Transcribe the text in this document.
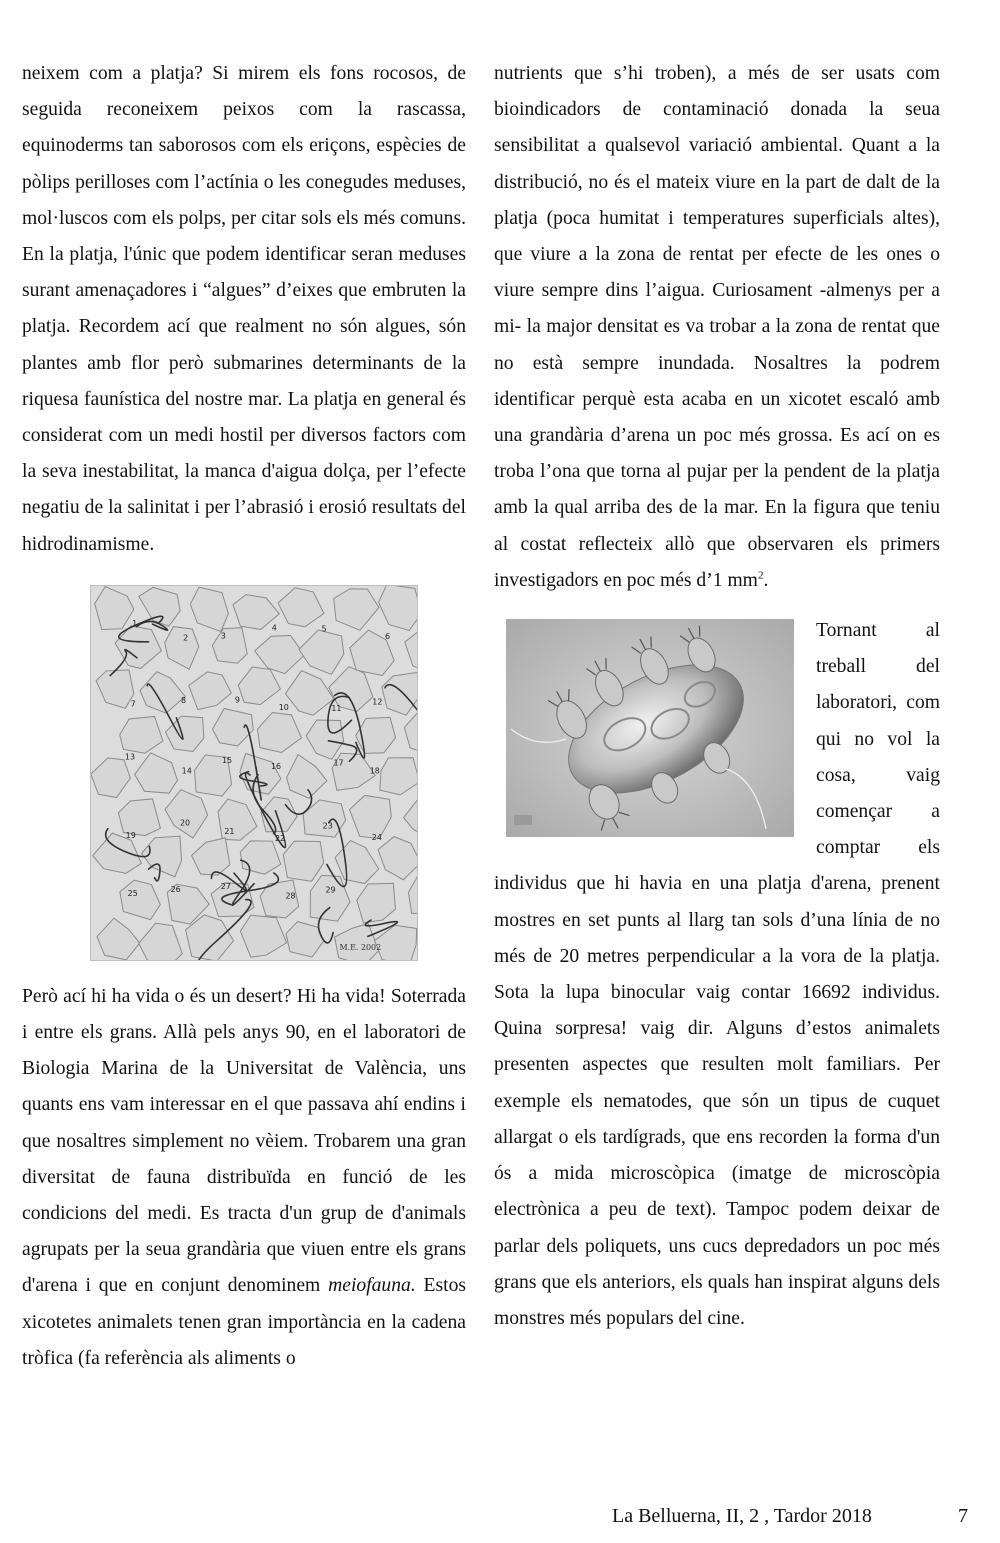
neixem com a platja? Si mirem els fons rocosos, de seguida reconeixem peixos com la rascassa, equinoderms tan saborosos com els eriçons, espècies de pòlips perilloses com l’actínia o les conegudes meduses, mol·luscos com els polps, per citar sols els més comuns. En la platja, l'únic que podem identificar seran meduses surant amenaçadores i “algues” d’eixes que embruten la platja. Recordem ací que realment no són algues, són plantes amb flor però submarines determinants de la riquesa faunística del nostre mar. La platja en general és considerat com un medi hostil per diversos factors com la seva inestabilitat, la manca d'aigua dolça, per l’efecte negatiu de la salinitat i per l’abrasió i erosió resultats del hidrodinamisme.

1
2	3
4	5
6
7	8	9
10	11
12
13
14
15
16	17
18
19
20
21
22
23
24
25	26	27
28
29
M.E. 2002

Però ací hi ha vida o és un desert? Hi ha vida! Soterrada i entre els grans. Allà pels anys 90, en el laboratori de Biologia Marina de la Universitat de València, uns quants ens vam interessar en el que passava ahí endins i que nosaltres simplement no vèiem. Trobarem una gran diversitat de fauna distribuïda en funció de les condicions del medi. Es tracta d'un grup de d'animals agrupats per la seua grandària que viuen entre els grans d'arena i que en conjunt denominem meiofauna. Estos xicotetes animalets tenen gran importància en la cadena tròfica (fa referència als aliments o

nutrients que s’hi troben), a més de ser usats com bioindicadors de contaminació donada la seua sensibilitat a qualsevol variació ambiental. Quant a la distribució, no és el mateix viure en la part de dalt de la platja (poca humitat i temperatures superficials altes), que viure a la zona de rentat per efecte de les ones o viure sempre dins l’aigua. Curiosament -almenys per a mi- la major densitat es va trobar a la zona de rentat que no està sempre inundada. Nosaltres la podrem identificar perquè esta acaba en un xicotet escaló amb una grandària d’arena un poc més grossa. Es ací on es troba l’ona que torna al pujar per la pendent de la platja amb la qual arriba des de la mar. En la figura que teniu al costat reflecteix allò que observaren els primers investigadors en poc més d’1 $mm^2$.

Tornant al treball del laboratori, com qui no vol la cosa, vaig començar a comptar els individus que hi havia en una platja d'arena, prenent mostres en set punts al llarg tan sols d’una línia de no més de 20 metres perpendicular a la vora de la platja. Sota la lupa binocular vaig contar 16692 individus. Quina sorpresa! vaig dir. Alguns d’estos animalets presenten aspectes que resulten molt familiars. Per exemple els nematodes, que són un tipus de cuquet allargat o els tardígrads, que ens recorden la forma d'un ós a mida microscòpica (imatge de microscòpia electrònica a peu de text). Tampoc podem deixar de parlar dels poliquets, uns cucs depredadors un poc més grans que els anteriors, els quals han inspirat alguns dels monstres més populars del cine.

La Belluerna, II, 2 , Tardor 2018	7
